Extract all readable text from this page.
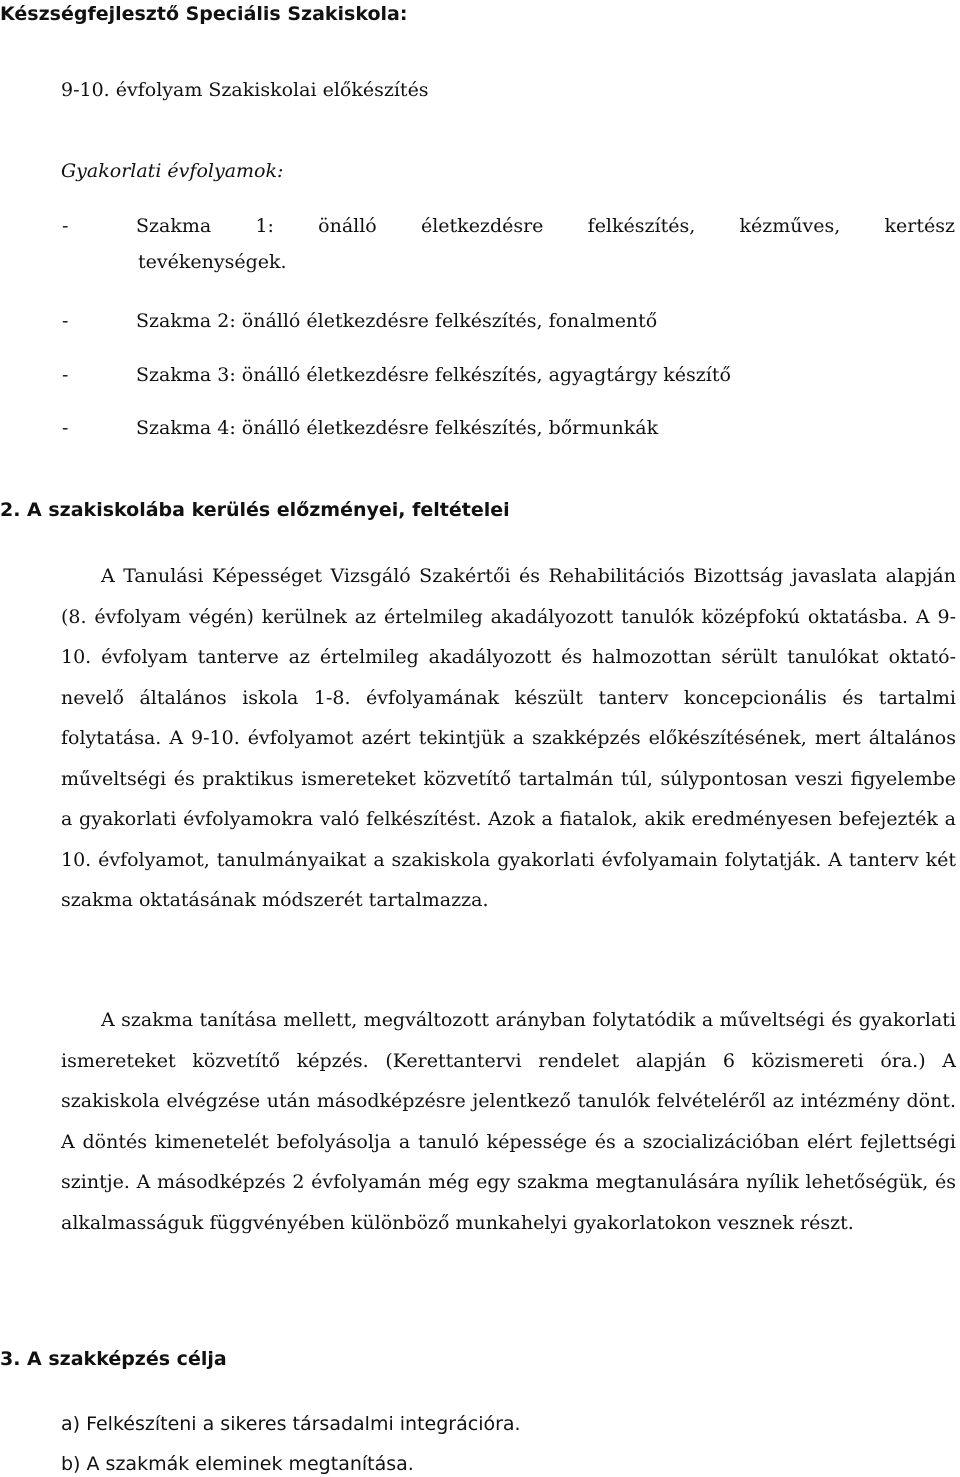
Készségfejlesztő Speciális Szakiskola:
9-10. évfolyam Szakiskolai előkészítés
Gyakorlati évfolyamok:
-	Szakma 1: önálló életkezdésre felkészítés, kézműves, kertész
tevékenységek.
-	Szakma 2: önálló életkezdésre felkészítés, fonalmentő
-	Szakma 3: önálló életkezdésre felkészítés, agyagtárgy készítő
-	Szakma 4: önálló életkezdésre felkészítés, bőrmunkák
2. A szakiskolába kerülés előzményei, feltételei
A Tanulási Képességet Vizsgáló Szakértői és Rehabilitációs Bizottság javaslata alapján (8. évfolyam végén) kerülnek az értelmileg akadályozott tanulók középfokú oktatásba. A 9-10. évfolyam tanterve az értelmileg akadályozott és halmozottan sérült tanulókat oktató-nevelő általános iskola 1-8. évfolyamának készült tanterv koncepcionális és tartalmi folytatása. A 9-10. évfolyamot azért tekintjük a szakképzés előkészítésének, mert általános műveltségi és praktikus ismereteket közvetítő tartalmán túl, súlypontosan veszi figyelembe a gyakorlati évfolyamokra való felkészítést. Azok a fiatalok, akik eredményesen befejezték a 10. évfolyamot, tanulmányaikat a szakiskola gyakorlati évfolyamain folytatják. A tanterv két szakma oktatásának módszerét tartalmazza.
A szakma tanítása mellett, megváltozott arányban folytatódik a műveltségi és gyakorlati ismereteket közvetítő képzés. (Kerettantervi rendelet alapján 6 közismereti óra.) A szakiskola elvégzése után másodképzésre jelentkező tanulók felvételéről az intézmény dönt. A döntés kimenetelét befolyásolja a tanuló képessége és a szocializációban elért fejlettségi szintje. A másodképzés 2 évfolyamán még egy szakma megtanulására nyílik lehetőségük, és alkalmasságuk függvényében különböző munkahelyi gyakorlatokon vesznek részt.
3. A szakképzés célja
a) Felkészíteni a sikeres társadalmi integrációra.
b) A szakmák eleminek megtanítása.
